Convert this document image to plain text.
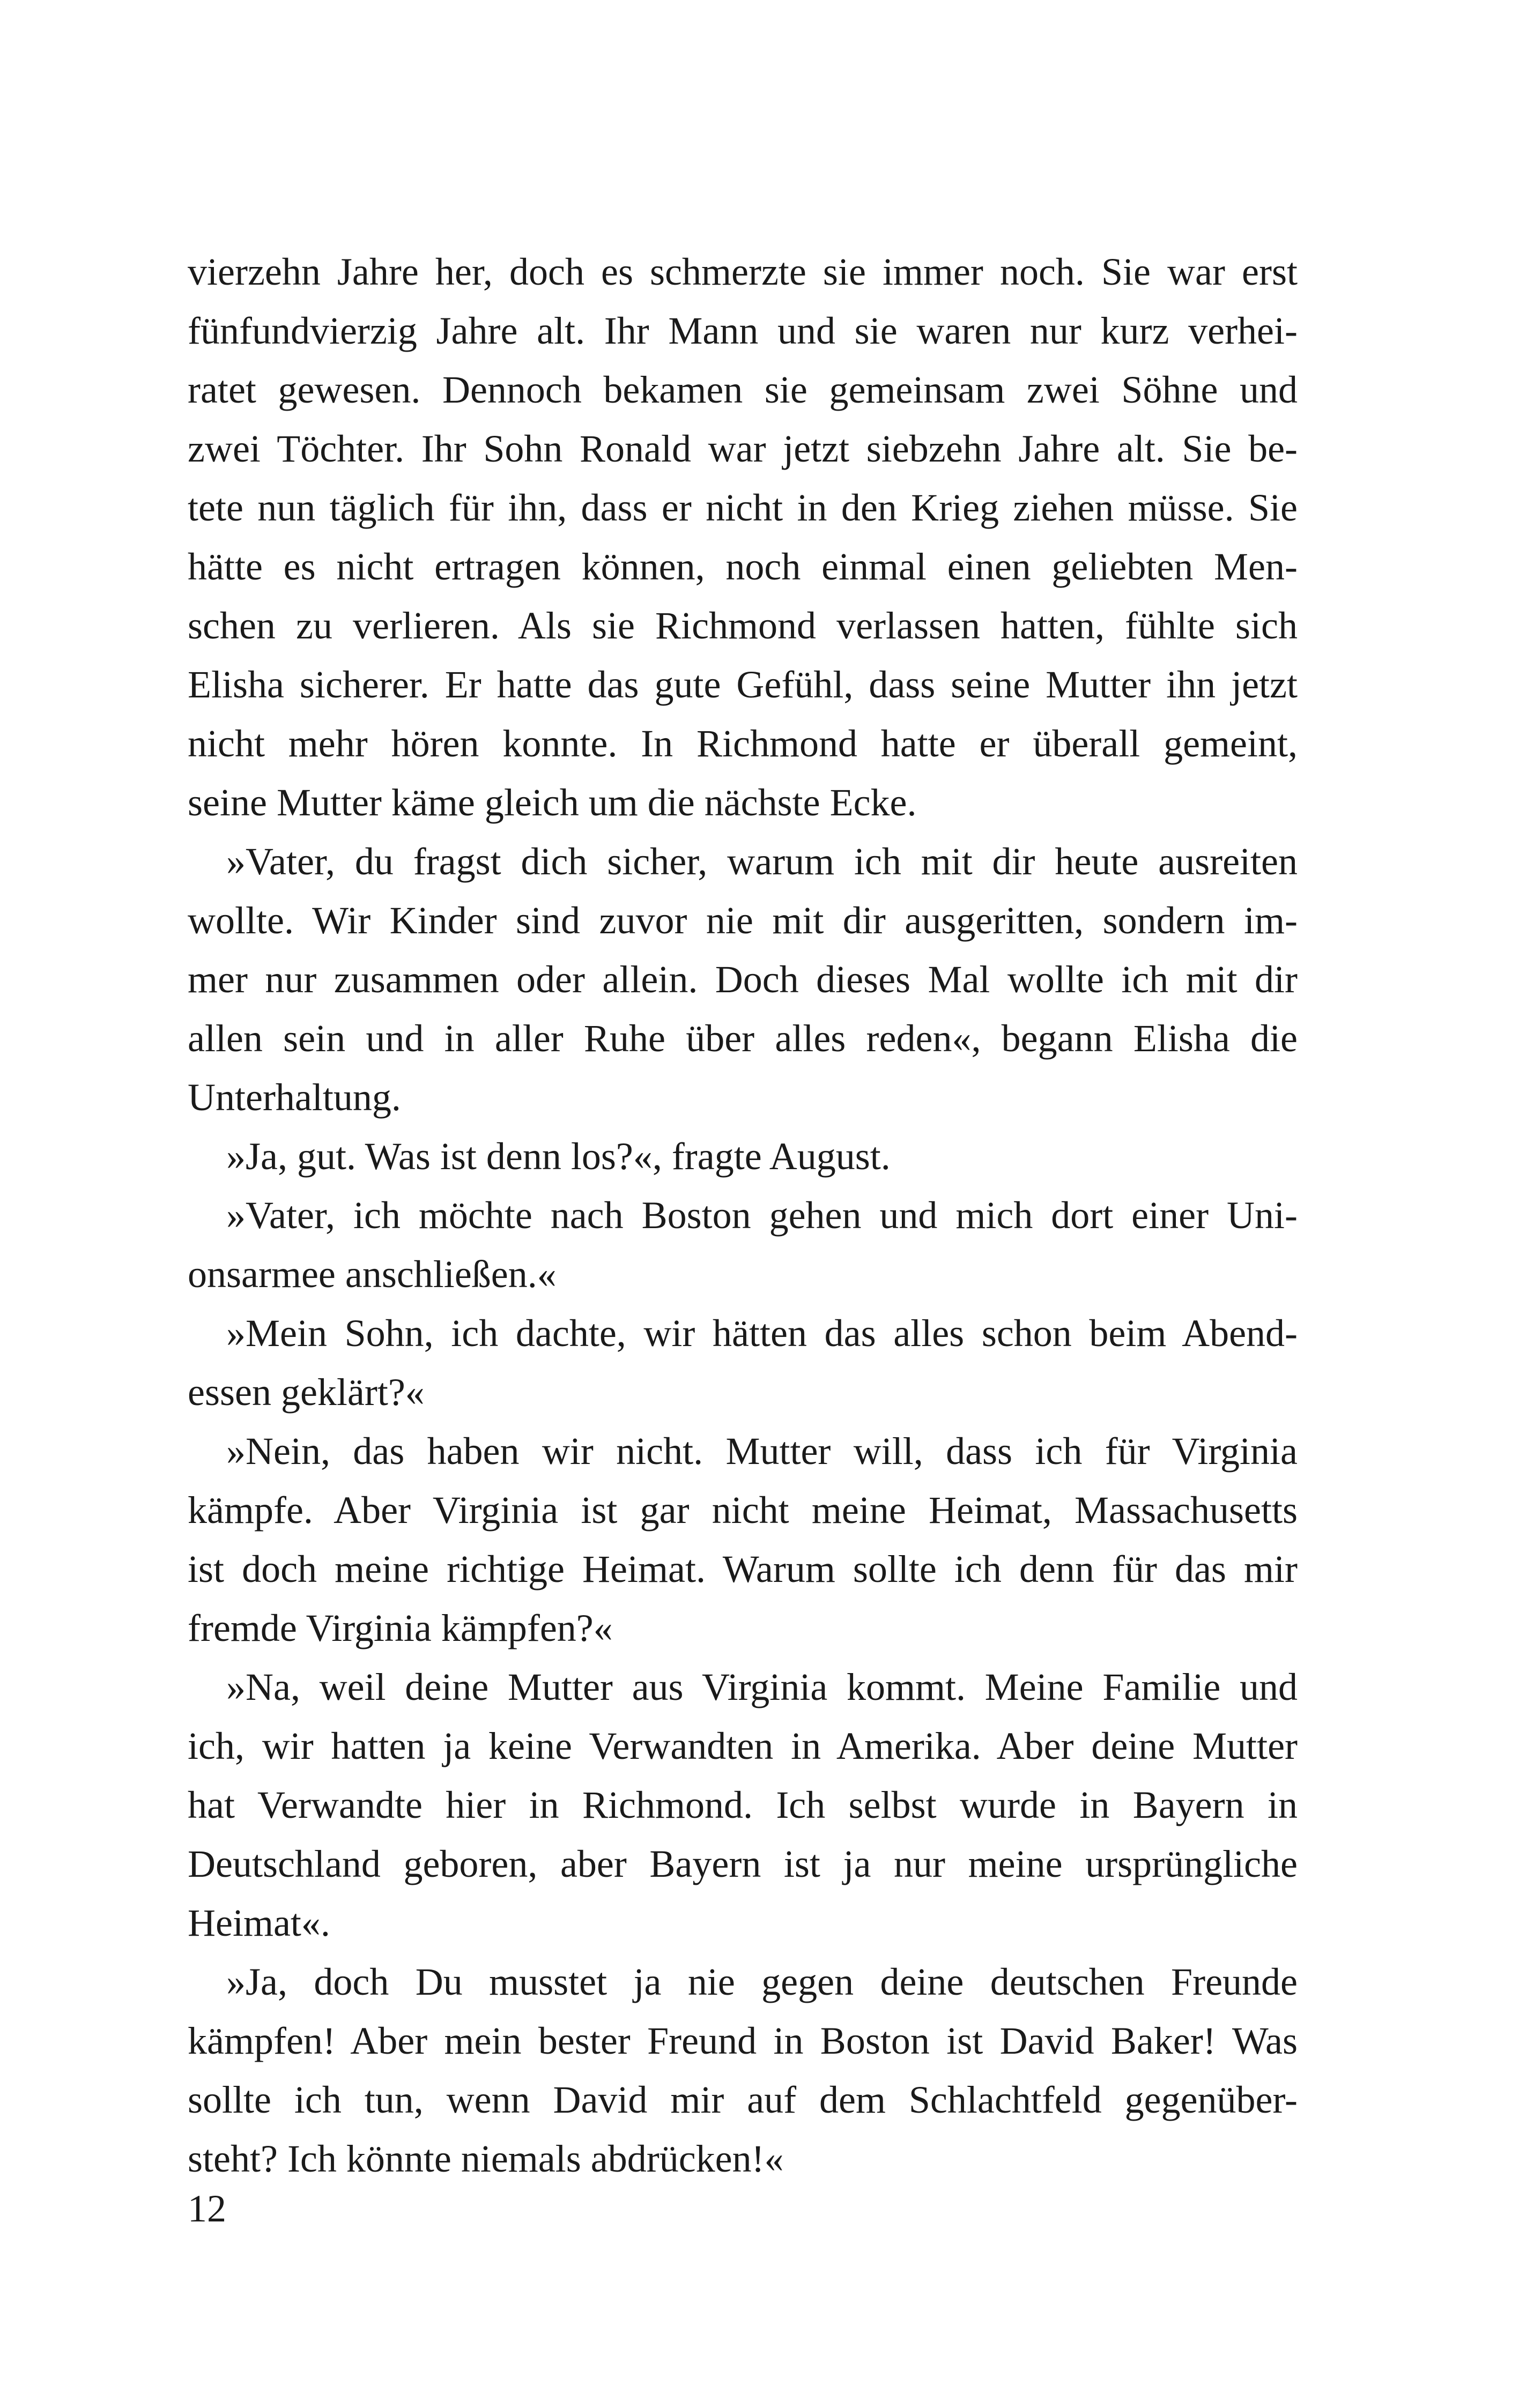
vierzehn Jahre her, doch es schmerzte sie immer noch. Sie war erst
fünfundvierzig Jahre alt. Ihr Mann und sie waren nur kurz verhei-
ratet gewesen. Dennoch bekamen sie gemeinsam zwei Söhne und
zwei Töchter. Ihr Sohn Ronald war jetzt siebzehn Jahre alt. Sie be-
tete nun täglich für ihn, dass er nicht in den Krieg ziehen müsse. Sie
hätte es nicht ertragen können, noch einmal einen geliebten Men-
schen zu verlieren. Als sie Richmond verlassen hatten, fühlte sich
Elisha sicherer. Er hatte das gute Gefühl, dass seine Mutter ihn jetzt
nicht mehr hören konnte. In Richmond hatte er überall gemeint,
seine Mutter käme gleich um die nächste Ecke.
»Vater, du fragst dich sicher, warum ich mit dir heute ausreiten
wollte. Wir Kinder sind zuvor nie mit dir ausgeritten, sondern im-
mer nur zusammen oder allein. Doch dieses Mal wollte ich mit dir
allen sein und in aller Ruhe über alles reden«, begann Elisha die
Unterhaltung.
»Ja, gut. Was ist denn los?«, fragte August.
»Vater, ich möchte nach Boston gehen und mich dort einer Uni-
onsarmee anschließen.«
»Mein Sohn, ich dachte, wir hätten das alles schon beim Abend-
essen geklärt?«
»Nein, das haben wir nicht. Mutter will, dass ich für Virginia
kämpfe. Aber Virginia ist gar nicht meine Heimat, Massachusetts
ist doch meine richtige Heimat. Warum sollte ich denn für das mir
fremde Virginia kämpfen?«
»Na, weil deine Mutter aus Virginia kommt. Meine Familie und
ich, wir hatten ja keine Verwandten in Amerika. Aber deine Mutter
hat Verwandte hier in Richmond. Ich selbst wurde in Bayern in
Deutschland geboren, aber Bayern ist ja nur meine ursprüngliche
Heimat«.
»Ja, doch Du musstet ja nie gegen deine deutschen Freunde
kämpfen! Aber mein bester Freund in Boston ist David Baker! Was
sollte ich tun, wenn David mir auf dem Schlachtfeld gegenüber-
steht? Ich könnte niemals abdrücken!«
12
